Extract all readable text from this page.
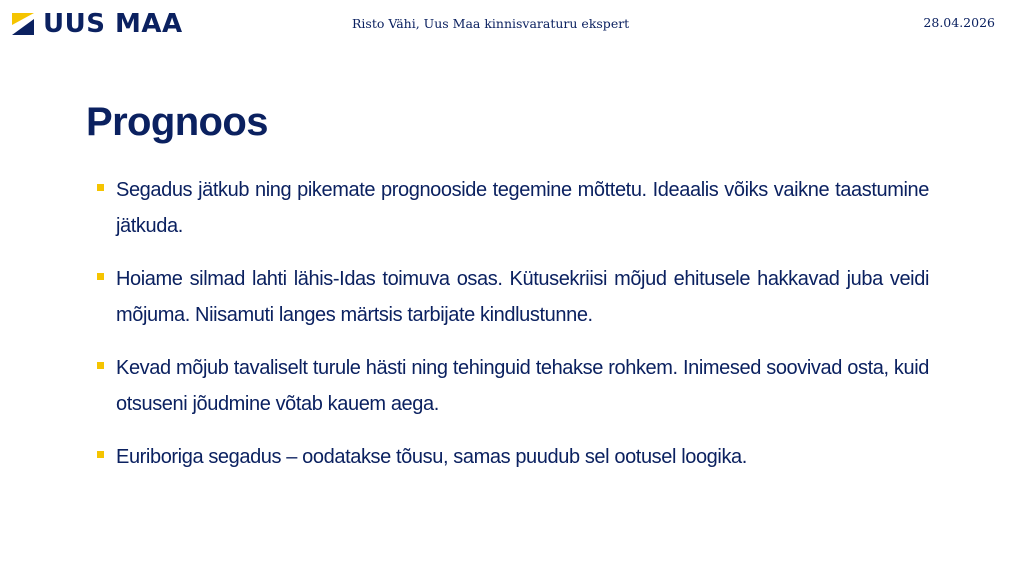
UUS MAA	Risto Vähi, Uus Maa kinnisvaraturu ekspert	28.04.2026
Prognoos
Segadus jätkub ning pikemate prognooside tegemine mõttetu. Ideaalis võiks vaikne taastumine jätkuda.
Hoiame silmad lahti lähis-Idas toimuva osas. Kütusekriisi mõjud ehitusele hakkavad juba veidi mõjuma. Niisamuti langes märtsis tarbijate kindlustunne.
Kevad mõjub tavaliselt turule hästi ning tehinguid tehakse rohkem. Inimesed soovivad osta, kuid otsuseni jõudmine võtab kauem aega.
Euriboriga segadus – oodatakse tõusu, samas puudub sel ootusel loogika.
